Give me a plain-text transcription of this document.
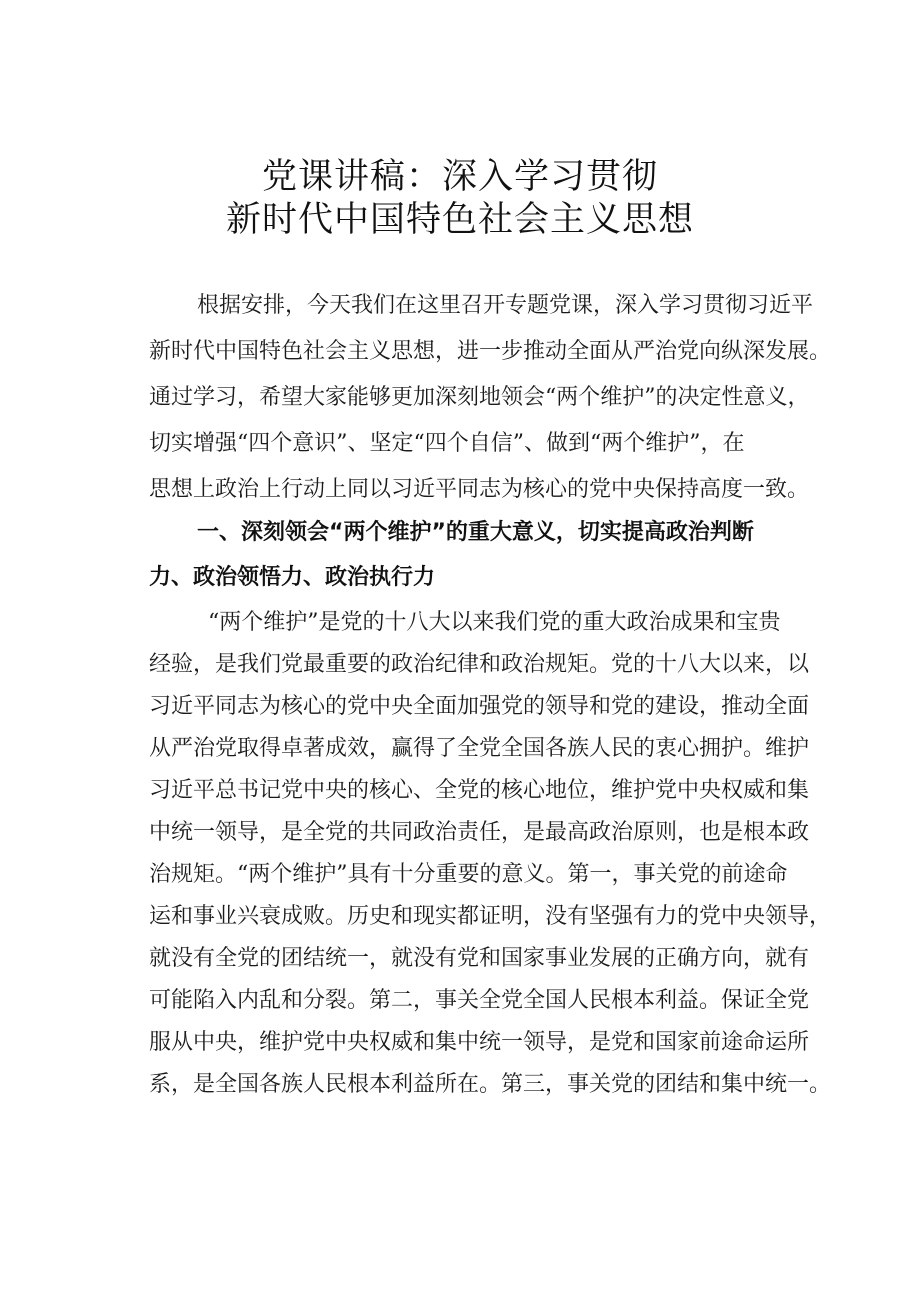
党课讲稿：深入学习贯彻
新时代中国特色社会主义思想
根据安排，今天我们在这里召开专题党课，深入学习贯彻习近平
新时代中国特色社会主义思想，进一步推动全面从严治党向纵深发展。
通过学习，希望大家能够更加深刻地领会“两个维护”的决定性意义，
切实增强“四个意识”、坚定“四个自信”、做到“两个维护”，在
思想上政治上行动上同以习近平同志为核心的党中央保持高度一致。
一、深刻领会“两个维护”的重大意义，切实提高政治判断
力、政治领悟力、政治执行力
“两个维护”是党的十八大以来我们党的重大政治成果和宝贵
经验，是我们党最重要的政治纪律和政治规矩。党的十八大以来，以
习近平同志为核心的党中央全面加强党的领导和党的建设，推动全面
从严治党取得卓著成效，赢得了全党全国各族人民的衷心拥护。维护
习近平总书记党中央的核心、全党的核心地位，维护党中央权威和集
中统一领导，是全党的共同政治责任，是最高政治原则，也是根本政
治规矩。“两个维护”具有十分重要的意义。第一，事关党的前途命
运和事业兴衰成败。历史和现实都证明，没有坚强有力的党中央领导，
就没有全党的团结统一，就没有党和国家事业发展的正确方向，就有
可能陷入内乱和分裂。第二，事关全党全国人民根本利益。保证全党
服从中央，维护党中央权威和集中统一领导，是党和国家前途命运所
系，是全国各族人民根本利益所在。第三，事关党的团结和集中统一。
